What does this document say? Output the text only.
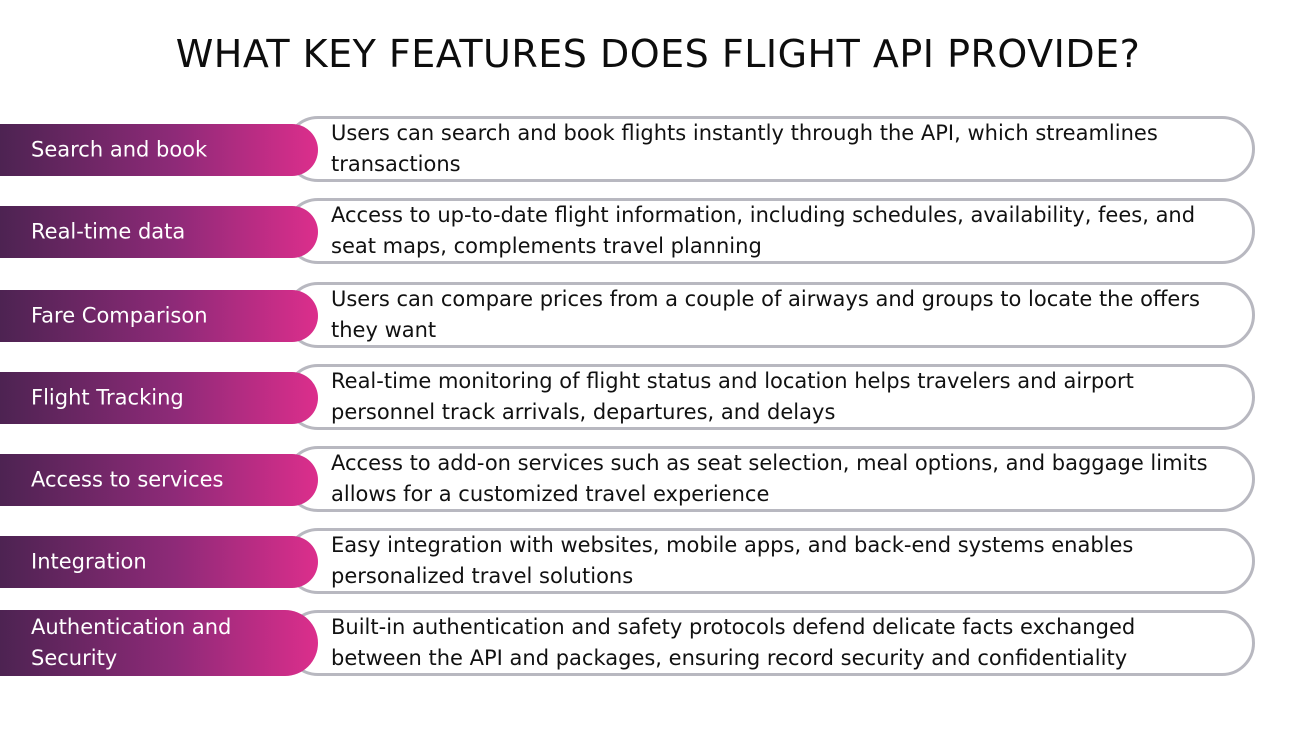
WHAT KEY FEATURES DOES FLIGHT API PROVIDE?
Users can search and book flights instantly through the API, which streamlines transactions
Search and book
Access to up-to-date flight information, including schedules, availability, fees, and seat maps, complements travel planning
Real-time data
Users can compare prices from a couple of airways and groups to locate the offers they want
Fare Comparison
Real-time monitoring of flight status and location helps travelers and airport personnel track arrivals, departures, and delays
Flight Tracking
Access to add-on services such as seat selection, meal options, and baggage limits allows for a customized travel experience
Access to services
Easy integration with websites, mobile apps, and back-end systems enables personalized travel solutions
Integration
Built-in authentication and safety protocols defend delicate facts exchanged between the API and packages, ensuring record security and confidentiality
Authentication and Security
